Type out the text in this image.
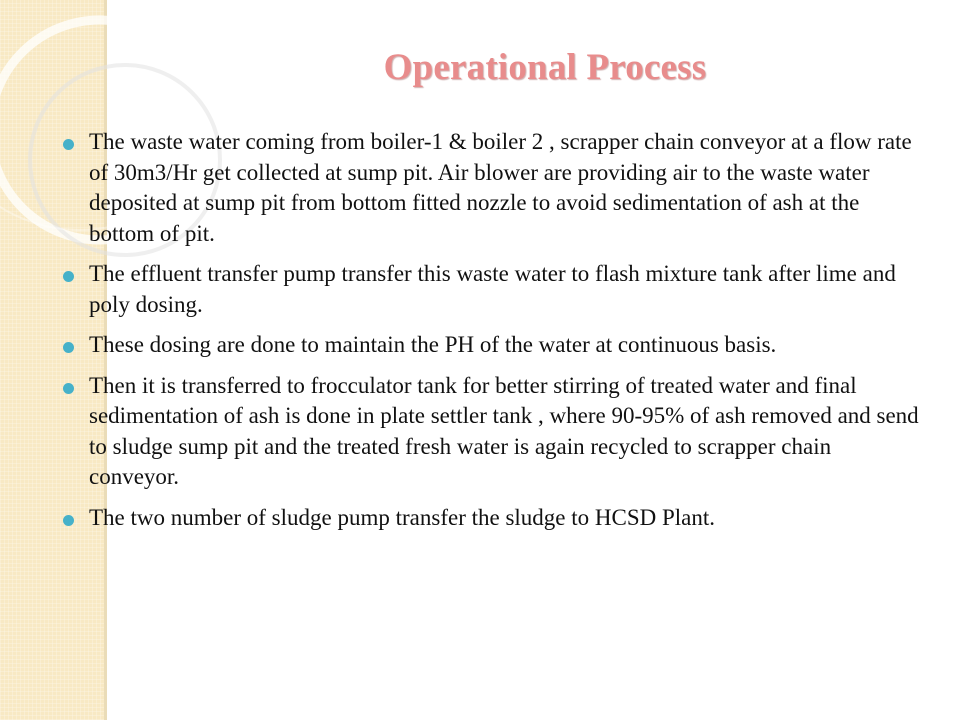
Operational Process
The waste water coming from boiler-1 & boiler 2 , scrapper chain conveyor at a flow rate of 30m3/Hr get collected at sump pit. Air blower are providing air to the waste water deposited at sump pit from bottom fitted nozzle to avoid sedimentation of ash at the bottom of pit.
The effluent transfer pump transfer this waste water to flash mixture tank after lime and poly dosing.
These dosing are done to maintain the PH of the water at continuous basis.
Then it is transferred to frocculator tank for better stirring of treated water and final sedimentation of ash is done in plate settler tank , where 90-95% of ash removed and send to sludge sump pit and the treated fresh water is again recycled to scrapper chain conveyor.
The two number of sludge pump transfer the sludge to HCSD Plant.
